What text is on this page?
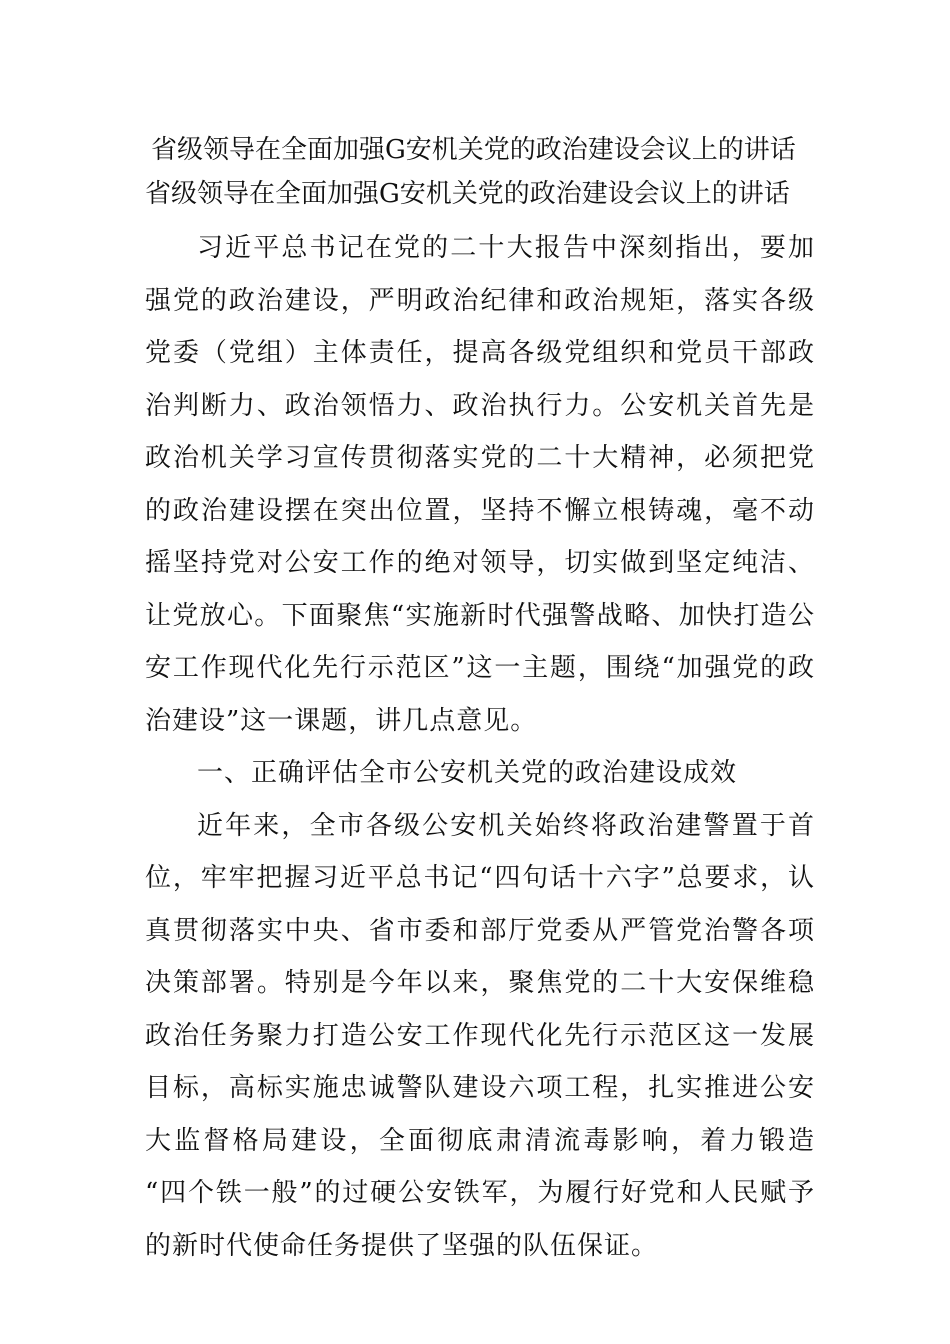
省级领导在全面加强G安机关党的政治建设会议上的讲话
省级领导在全面加强G安机关党的政治建设会议上的讲话

习近平总书记在党的二十大报告中深刻指出，要加强党的政治建设，严明政治纪律和政治规矩，落实各级党委（党组）主体责任，提高各级党组织和党员干部政治判断力、政治领悟力、政治执行力。公安机关首先是政治机关学习宣传贯彻落实党的二十大精神，必须把党的政治建设摆在突出位置，坚持不懈立根铸魂，毫不动摇坚持党对公安工作的绝对领导，切实做到坚定纯洁、让党放心。下面聚焦“实施新时代强警战略、加快打造公安工作现代化先行示范区”这一主题，围绕“加强党的政治建设”这一课题，讲几点意见。

一、正确评估全市公安机关党的政治建设成效

近年来，全市各级公安机关始终将政治建警置于首位，牢牢把握习近平总书记“四句话十六字”总要求，认真贯彻落实中央、省市委和部厅党委从严管党治警各项决策部署。特别是今年以来，聚焦党的二十大安保维稳政治任务聚力打造公安工作现代化先行示范区这一发展目标，高标实施忠诚警队建设六项工程，扎实推进公安大监督格局建设，全面彻底肃清流毒影响，着力锻造 “四个铁一般”的过硬公安铁军，为履行好党和人民赋予的新时代使命任务提供了坚强的队伍保证。
